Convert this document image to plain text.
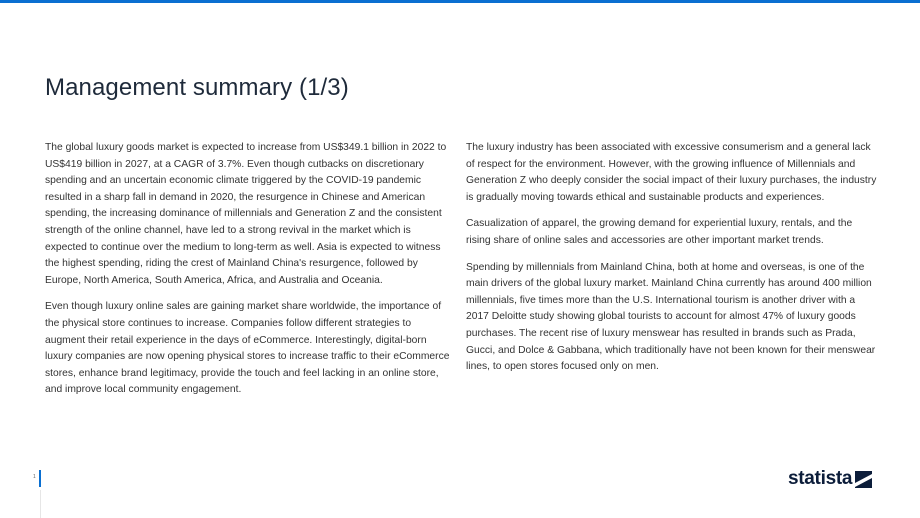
Management summary (1/3)

The global luxury goods market is expected to increase from US$349.1 billion in 2022 to US$419 billion in 2027, at a CAGR of 3.7%. Even though cutbacks on discretionary spending and an uncertain economic climate triggered by the COVID-19 pandemic resulted in a sharp fall in demand in 2020, the resurgence in Chinese and American spending, the increasing dominance of millennials and Generation Z and the consistent strength of the online channel, have led to a strong revival in the market which is expected to continue over the medium to long-term as well. Asia is expected to witness the highest spending, riding the crest of Mainland China's resurgence, followed by Europe, North America, South America, Africa, and Australia and Oceania.

Even though luxury online sales are gaining market share worldwide, the importance of the physical store continues to increase. Companies follow different strategies to augment their retail experience in the days of eCommerce. Interestingly, digital-born luxury companies are now opening physical stores to increase traffic to their eCommerce stores, enhance brand legitimacy, provide the touch and feel lacking in an online store, and improve local community engagement.

The luxury industry has been associated with excessive consumerism and a general lack of respect for the environment. However, with the growing influence of Millennials and Generation Z who deeply consider the social impact of their luxury purchases, the industry is gradually moving towards ethical and sustainable products and experiences.

Casualization of apparel, the growing demand for experiential luxury, rentals, and the rising share of online sales and accessories are other important market trends.

Spending by millennials from Mainland China, both at home and overseas, is one of the main drivers of the global luxury market. Mainland China currently has around 400 million millennials, five times more than the U.S. International tourism is another driver with a 2017 Deloitte study showing global tourists to account for almost 47% of luxury goods purchases. The recent rise of luxury menswear has resulted in brands such as Prada, Gucci, and Dolce & Gabbana, which traditionally have not been known for their menswear lines, to open stores focused only on men.

1	statista
